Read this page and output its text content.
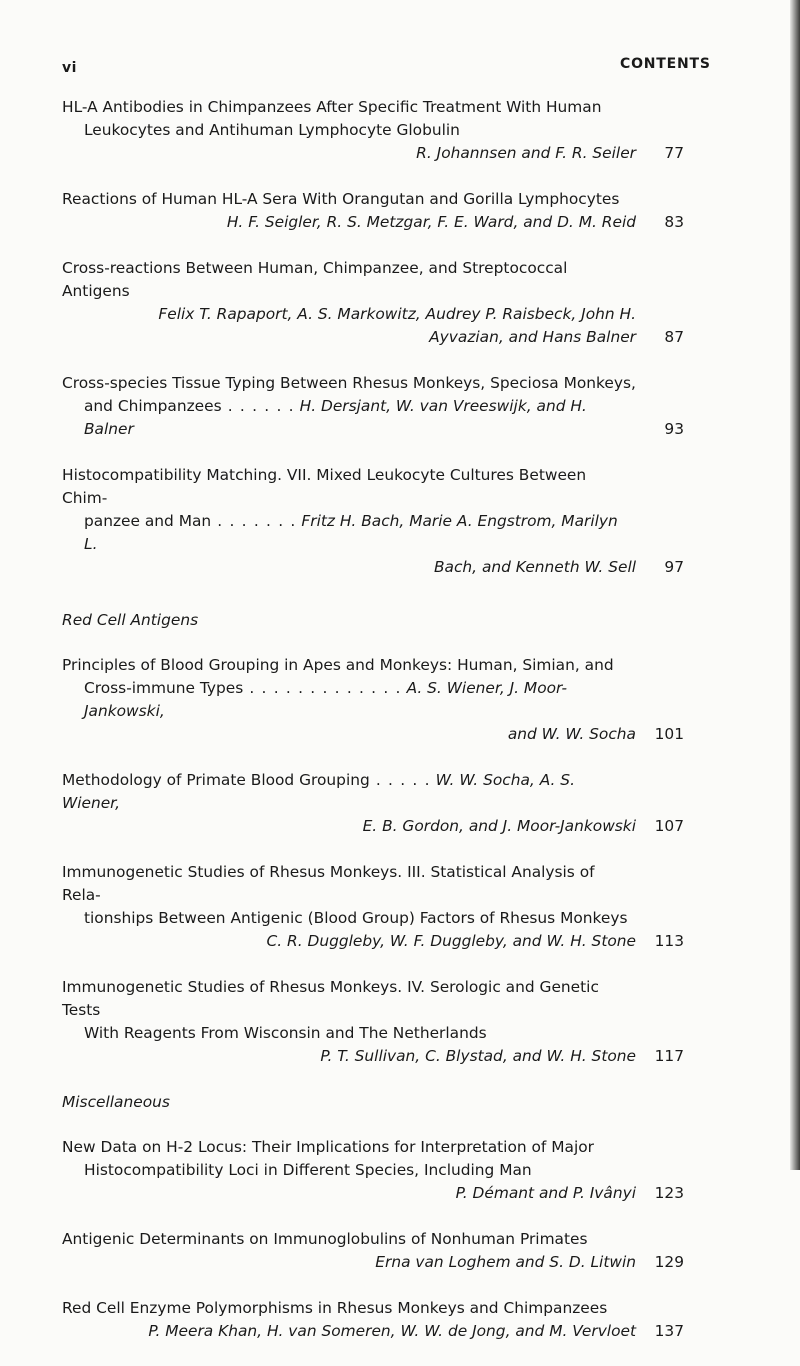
vi	CONTENTS
HL-A Antibodies in Chimpanzees After Specific Treatment With Human
Leukocytes and Antihuman Lymphocyte Globulin
R. Johannsen and F. R. Seiler	77
Reactions of Human HL-A Sera With Orangutan and Gorilla Lymphocytes
H. F. Seigler, R. S. Metzgar, F. E. Ward, and D. M. Reid	83
Cross-reactions Between Human, Chimpanzee, and Streptococcal Antigens
Felix T. Rapaport, A. S. Markowitz, Audrey P. Raisbeck, John H.
Ayvazian, and Hans Balner	87
Cross-species Tissue Typing Between Rhesus Monkeys, Speciosa Monkeys,
and Chimpanzees . . . . . . H. Dersjant, W. van Vreeswijk, and H. Balner	93
Histocompatibility Matching. VII. Mixed Leukocyte Cultures Between Chim-
panzee and Man . . . . . . . Fritz H. Bach, Marie A. Engstrom, Marilyn L.
Bach, and Kenneth W. Sell	97
Red Cell Antigens
Principles of Blood Grouping in Apes and Monkeys: Human, Simian, and
Cross-immune Types . . . . . . . . . . . . . A. S. Wiener, J. Moor-Jankowski,
and W. W. Socha	101
Methodology of Primate Blood Grouping . . . . . W. W. Socha, A. S. Wiener,
E. B. Gordon, and J. Moor-Jankowski	107
Immunogenetic Studies of Rhesus Monkeys. III. Statistical Analysis of Rela-
tionships Between Antigenic (Blood Group) Factors of Rhesus Monkeys
C. R. Duggleby, W. F. Duggleby, and W. H. Stone	113
Immunogenetic Studies of Rhesus Monkeys. IV. Serologic and Genetic Tests
With Reagents From Wisconsin and The Netherlands
P. T. Sullivan, C. Blystad, and W. H. Stone	117
Miscellaneous
New Data on H-2 Locus: Their Implications for Interpretation of Major
Histocompatibility Loci in Different Species, Including Man
P. Démant and P. Ivânyi	123
Antigenic Determinants on Immunoglobulins of Nonhuman Primates
Erna van Loghem and S. D. Litwin	129
Red Cell Enzyme Polymorphisms in Rhesus Monkeys and Chimpanzees
P. Meera Khan, H. van Someren, W. W. de Jong, and M. Vervloet	137
